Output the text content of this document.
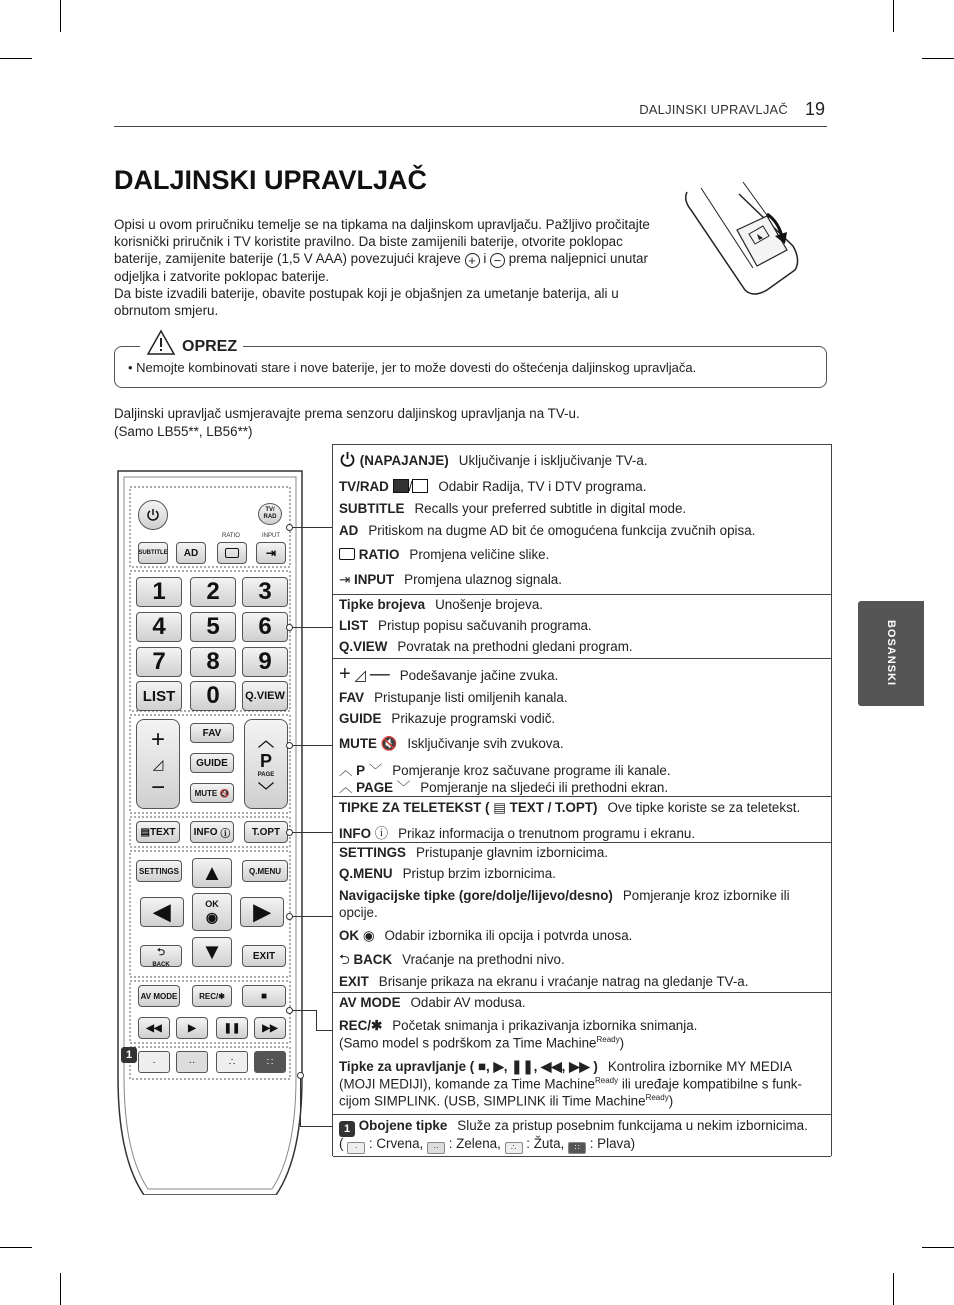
DALJINSKI UPRAVLJAČ 19
DALJINSKI UPRAVLJAČ

Opisi u ovom priručniku temelje se na tipkama na daljinskom upravljaču. Pažljivo pročitajte

korisnički priručnik i TV koristite pravilno. Da biste zamijenili baterije, otvorite poklopac

baterije, zamijenite baterije (1,5 V AAA) povezujući krajeve + i − prema naljepnici unutar

odjeljka i zatvorite poklopac baterije.

Da biste izvadili baterije, obavite postupak koji je objašnjen za umetanje baterija, ali u

obrnutom smjeru.

OPREZ
• Nemojte kombinovati stare i nove baterije, jer to može dovesti do oštećenja daljinskog upravljača.
Daljinski upravljač usmjeravajte prema senzoru daljinskog upravljanja na TV-u.
(Samo LB55**, LB56**)
BOSANSKI
TV/
RAD
SUBTITLE	AD
RATIO	INPUT
⇥
1	2	3
4	5	6
7	8	9
LIST	0	Q.VIEW
+
◿
−
FAV
GUIDE
MUTE 🔇
︿
P
PAGE
﹀
▤ TEXT INFO ⓘ	T.OPT
SETTINGS	Q.MENU
▲
◀	OK
◉	▶
▼
⮌
BACK
EXIT
AV MODE	REC/✱	■
◀◀	▶	❚❚	▶▶
·	··	∴	∷
1
(NAPAJANJE) Uključivanje i isključivanje TV-a.
TV/RAD / Odabir Radija, TV i DTV programa.
SUBTITLE Recalls your preferred subtitle in digital mode.
AD Pritiskom na dugme AD bit će omogućena funkcija zvučnih opisa.
RATIO Promjena veličine slike.
⇥ INPUT Promjena ulaznog signala.
Tipke brojeva Unošenje brojeva.
LIST Pristup popisu sačuvanih programa.
Q.VIEW Povratak na prethodni gledani program.
+ ◿ — Podešavanje jačine zvuka.
FAV Pristupanje listi omiljenih kanala.
GUIDE Prikazuje programski vodič.
MUTE 🔇 Isključivanje svih zvukova.
︿ P ﹀ Pomjeranje kroz sačuvane programe ili kanale.
︿ PAGE ﹀ Pomjeranje na sljedeći ili prethodni ekran.
TIPKE ZA TELETEKST ( ▤ TEXT / T.OPT) Ove tipke koriste se za teletekst.
INFO ⓘ Prikaz informacija o trenutnom programu i ekranu.
SETTINGS Pristupanje glavnim izbornicima.
Q.MENU Pristup brzim izbornicima.
Navigacijske tipke (gore/dolje/lijevo/desno) Pomjeranje kroz izbornike ili
opcije.
OK ◉ Odabir izbornika ili opcija i potvrda unosa.
⮌ BACK Vraćanje na prethodni nivo.
EXIT Brisanje prikaza na ekranu i vraćanje natrag na gledanje TV-a.
AV MODE Odabir AV modusa.
REC/✱ Početak snimanja i prikazivanja izbornika snimanja.
(Samo model s podrškom za Time Machine$^{Ready}$)
Tipke za upravljanje ( ■, ▶, ❚❚, ◀◀, ▶▶ ) Kontrolira izbornike MY MEDIA
(MOJI MEDIJI), komande za Time Machine$^{Ready}$ ili uređaje kompatibilne s funk-
cijom SIMPLINK. (USB, SIMPLINK ili Time Machine$^{Ready}$)
1 Obojene tipke Služe za pristup posebnim funkcijama u nekim izbornicima.
( · : Crvena, ·· : Zelena, ∴ : Žuta, ∷ : Plava)
